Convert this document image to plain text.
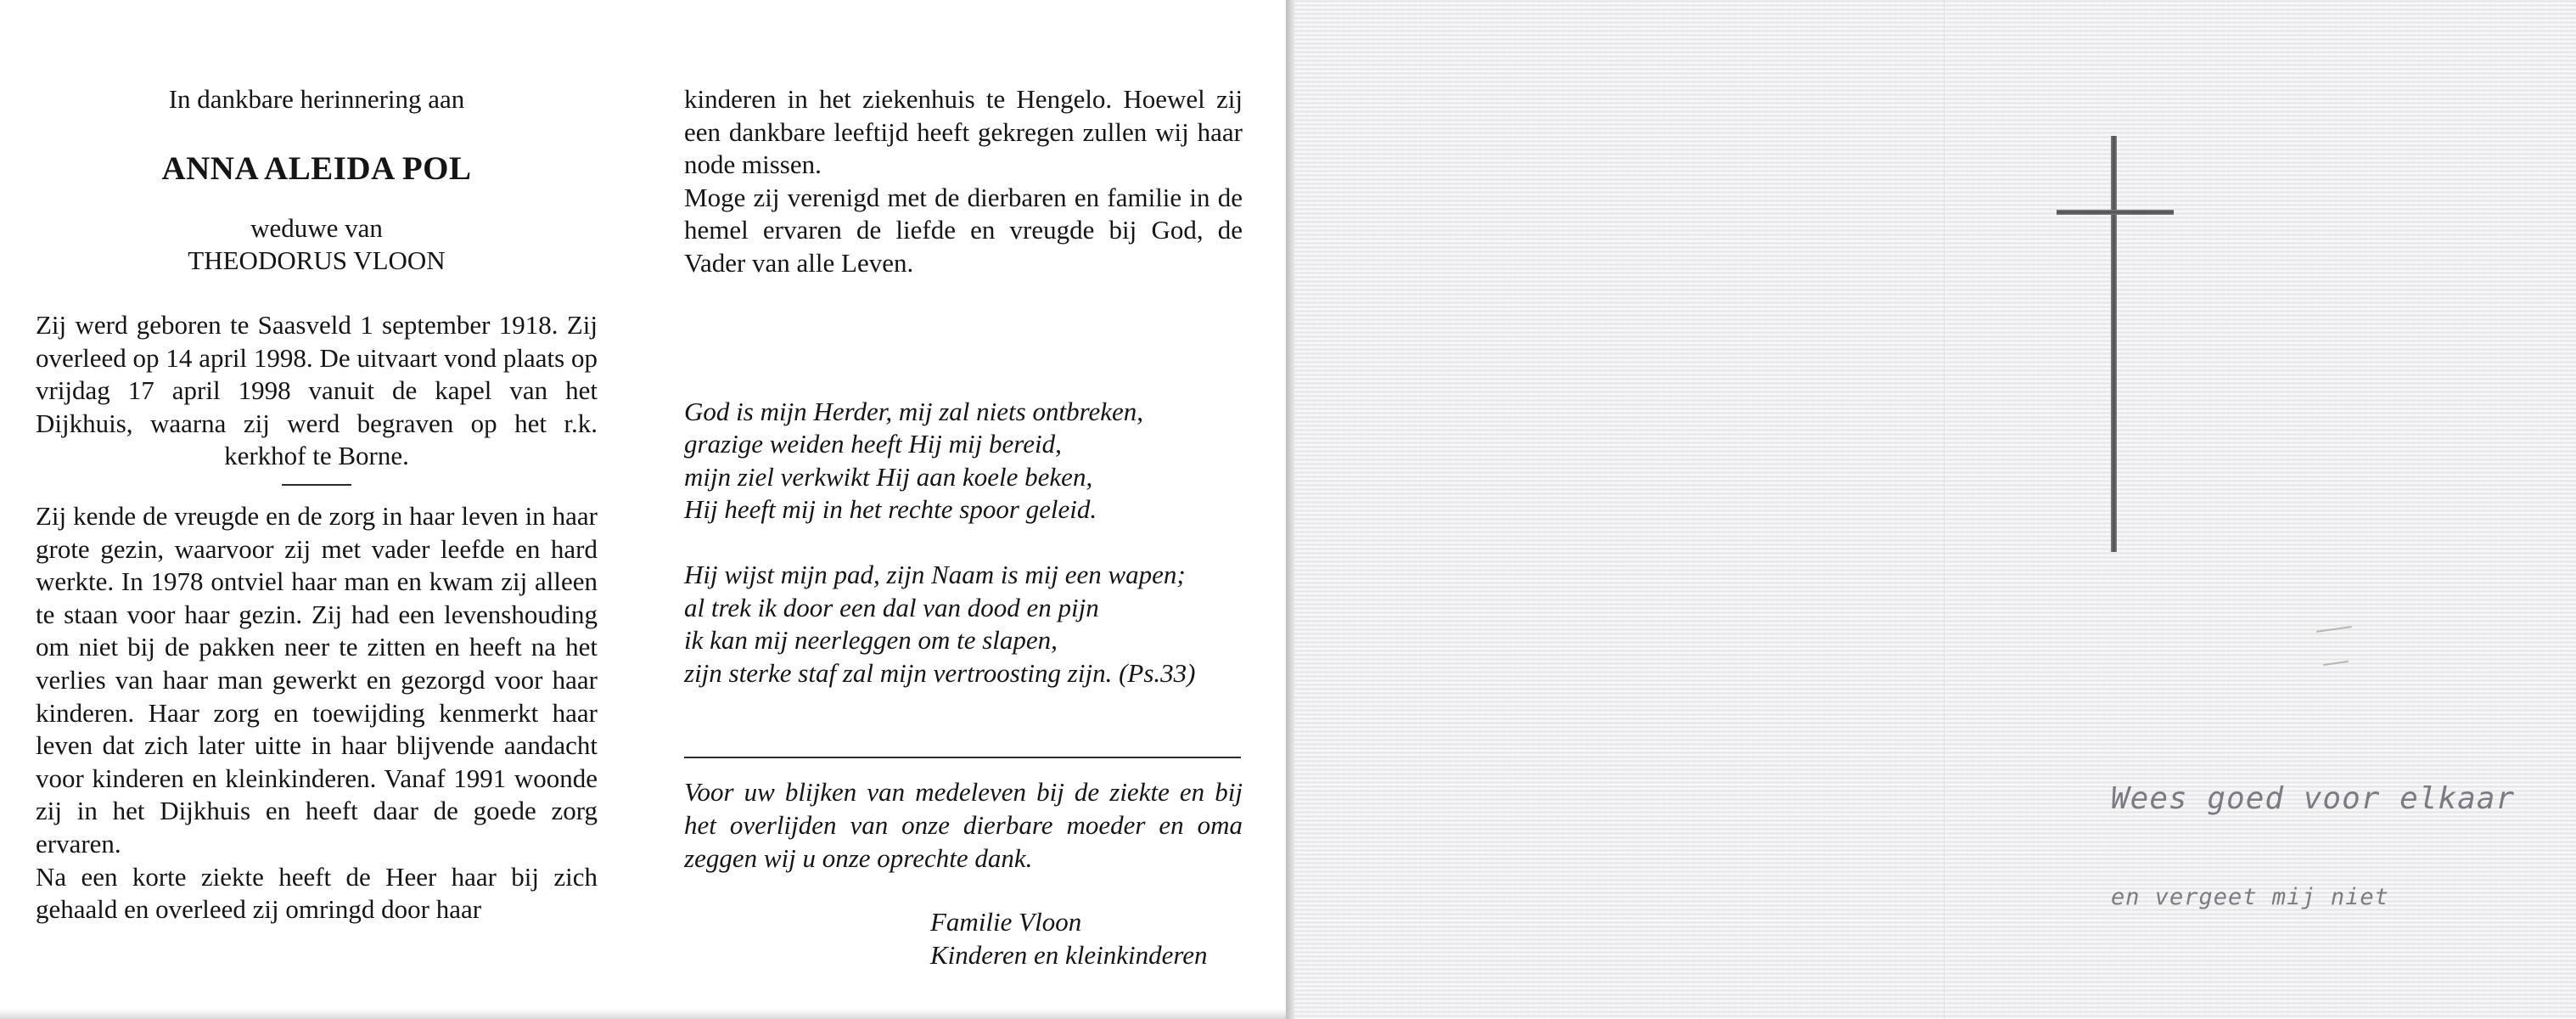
In dankbare herinnering aan
ANNA ALEIDA POL
weduwe van
THEODORUS VLOON

Zij werd geboren te Saasveld 1 september 1918. Zij overleed op 14 april 1998. De uitvaart vond plaats op vrijdag 17 april 1998 vanuit de kapel van het Dijkhuis, waarna zij werd begraven op het r.k. kerkhof te Borne.

Zij kende de vreugde en de zorg in haar leven in haar grote gezin, waarvoor zij met vader leefde en hard werkte. In 1978 ontviel haar man en kwam zij alleen te staan voor haar gezin. Zij had een levenshouding om niet bij de pakken neer te zitten en heeft na het verlies van haar man gewerkt en gezorgd voor haar kinderen. Haar zorg en toewijding kenmerkt haar leven dat zich later uitte in haar blijvende aandacht voor kinderen en kleinkinderen. Vanaf 1991 woonde zij in het Dijkhuis en heeft daar de goede zorg ervaren.

Na een korte ziekte heeft de Heer haar bij zich gehaald en overleed zij omringd door haar

kinderen in het ziekenhuis te Hengelo. Hoewel zij een dankbare leeftijd heeft gekregen zullen wij haar node missen.

Moge zij verenigd met de dierbaren en familie in de hemel ervaren de liefde en vreugde bij God, de Vader van alle Leven.

God is mijn Herder, mij zal niets ontbreken,

grazige weiden heeft Hij mij bereid,

mijn ziel verkwikt Hij aan koele beken,

Hij heeft mij in het rechte spoor geleid.

Hij wijst mijn pad, zijn Naam is mij een wapen;

al trek ik door een dal van dood en pijn

ik kan mij neerleggen om te slapen,

zijn sterke staf zal mijn vertroosting zijn. (Ps.33)

Voor uw blijken van medeleven bij de ziekte en bij het overlijden van onze dierbare moeder en oma zeggen wij u onze oprechte dank.

Familie Vloon

Kinderen en kleinkinderen

Wees goed voor elkaar
en vergeet mij niet
